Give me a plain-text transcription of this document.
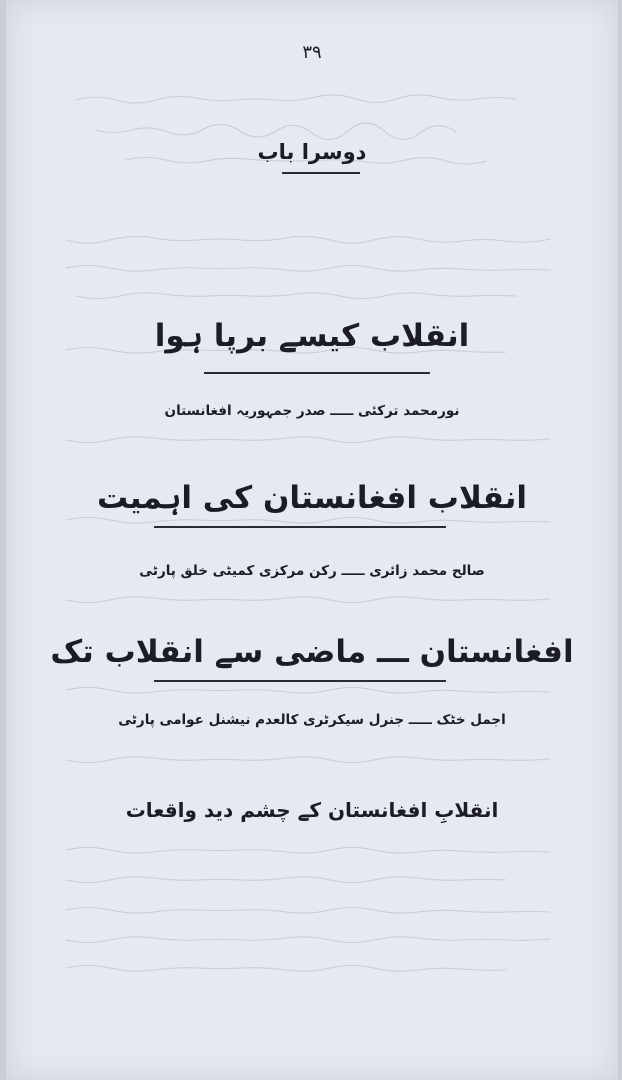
۳۹
دوسرا باب
انقلاب کیسے برپا ہوا
نورمحمد ترکئی ـــــ صدر جمہوریہ افغانستان
انقلاب افغانستان کی اہمیت
صالح محمد زائری ـــــ رکن مرکزی کمیٹی خلق پارٹی
افغانستان ـــ ماضی سے انقلاب تک
اجمل خٹک ـــــ جنرل سیکرٹری کالعدم نیشنل عوامی پارٹی
انقلابِ افغانستان کے چشم دید واقعات
